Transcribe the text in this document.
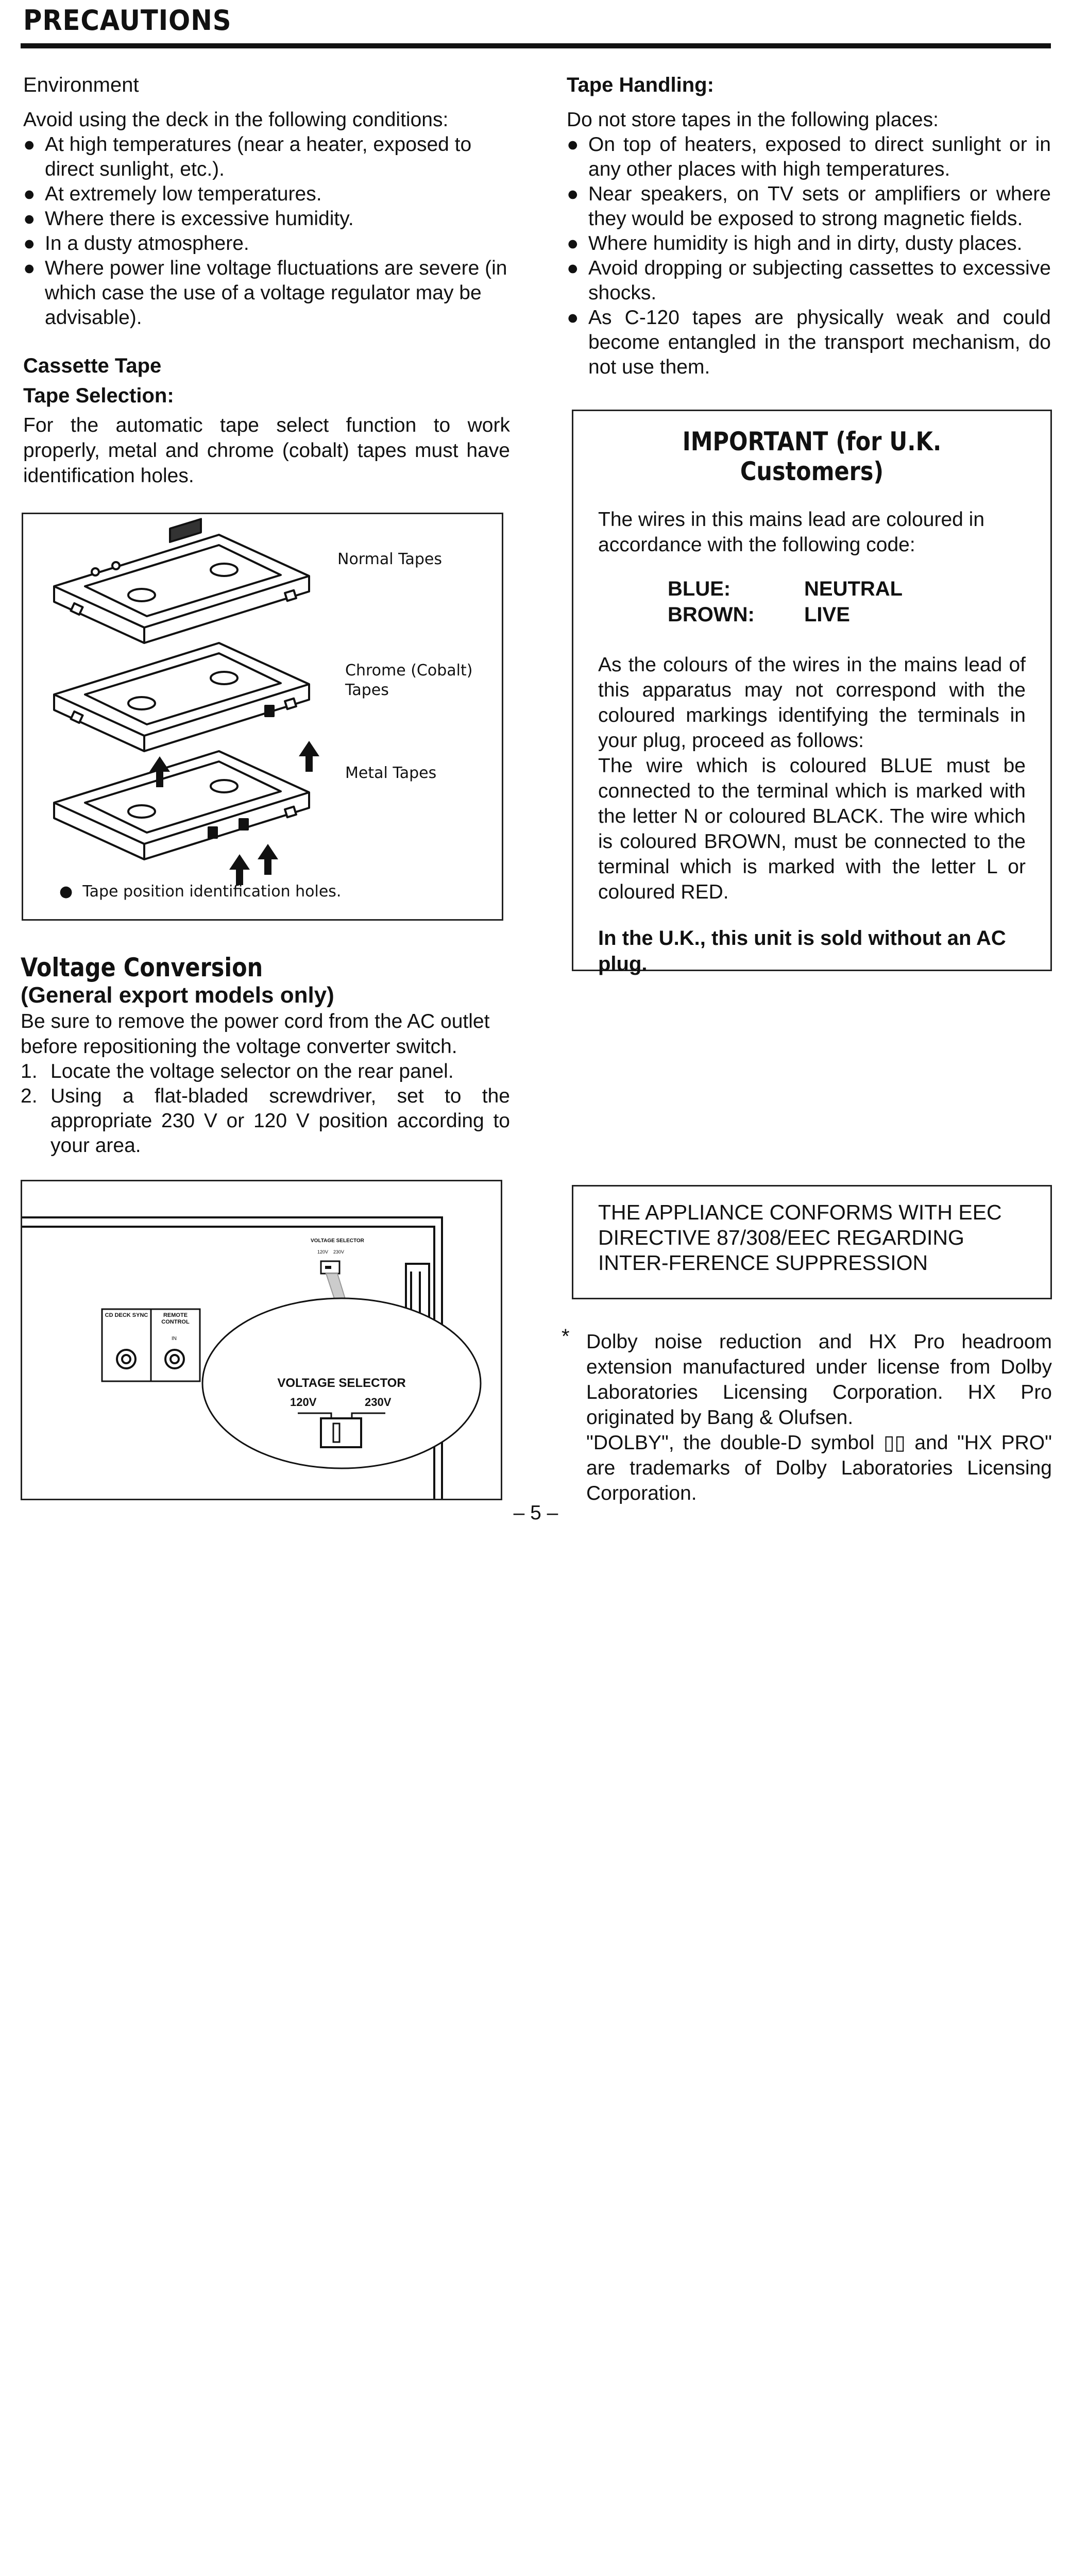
PRECAUTIONS
Environment
Avoid using the deck in the following conditions:
● At high temperatures (near a heater, exposed to direct sunlight, etc.).
● At extremely low temperatures.
● Where there is excessive humidity.
● In a dusty atmosphere.
● Where power line voltage fluctuations are severe (in which case the use of a voltage regulator may be advisable).
Cassette Tape
Tape Selection:
For the automatic tape select function to work properly, metal and chrome (cobalt) tapes must have identification holes.
Normal Tapes
Chrome (Cobalt) Tapes
Metal Tapes
●  Tape position identification holes.
Voltage Conversion
(General export models only)
Be sure to remove the power cord from the AC outlet before repositioning the voltage converter switch.
1. Locate the voltage selector on the rear panel.
2. Using a flat-bladed screwdriver, set to the appropriate 230 V or 120 V position according to your area.
VOLTAGE SELECTOR
120V 230V
CD DECK SYNC	REMOTE CONTROL
IN
VOLTAGE SELECTOR
120V	230V
Tape Handling:
Do not store tapes in the following places:
● On top of heaters, exposed to direct sunlight or in any other places with high temperatures.
● Near speakers, on TV sets or amplifiers or where they would be exposed to strong magnetic fields.
● Where humidity is high and in dirty, dusty places.
● Avoid dropping or subjecting cassettes to excessive shocks.
● As C-120 tapes are physically weak and could become entangled in the transport mechanism, do not use them.
IMPORTANT (for U.K. Customers)
The wires in this mains lead are coloured in accordance with the following code:
BLUE:	NEUTRAL
BROWN:	LIVE
As the colours of the wires in the mains lead of this apparatus may not correspond with the coloured markings identifying the terminals in your plug, proceed as follows:
The wire which is coloured BLUE must be connected to the terminal which is marked with the letter N or coloured BLACK. The wire which is coloured BROWN, must be connected to the terminal which is marked with the letter L or coloured RED.
In the U.K., this unit is sold without an AC plug.
THE APPLIANCE CONFORMS WITH EEC DIRECTIVE 87/308/EEC REGARDING INTER-FERENCE SUPPRESSION
* Dolby noise reduction and HX Pro headroom extension manufactured under license from Dolby Laboratories Licensing Corporation. HX Pro originated by Bang & Olufsen.
"DOLBY", the double-D symbol ▯▯ and "HX PRO" are trademarks of Dolby Laboratories Licensing Corporation.
– 5 –
